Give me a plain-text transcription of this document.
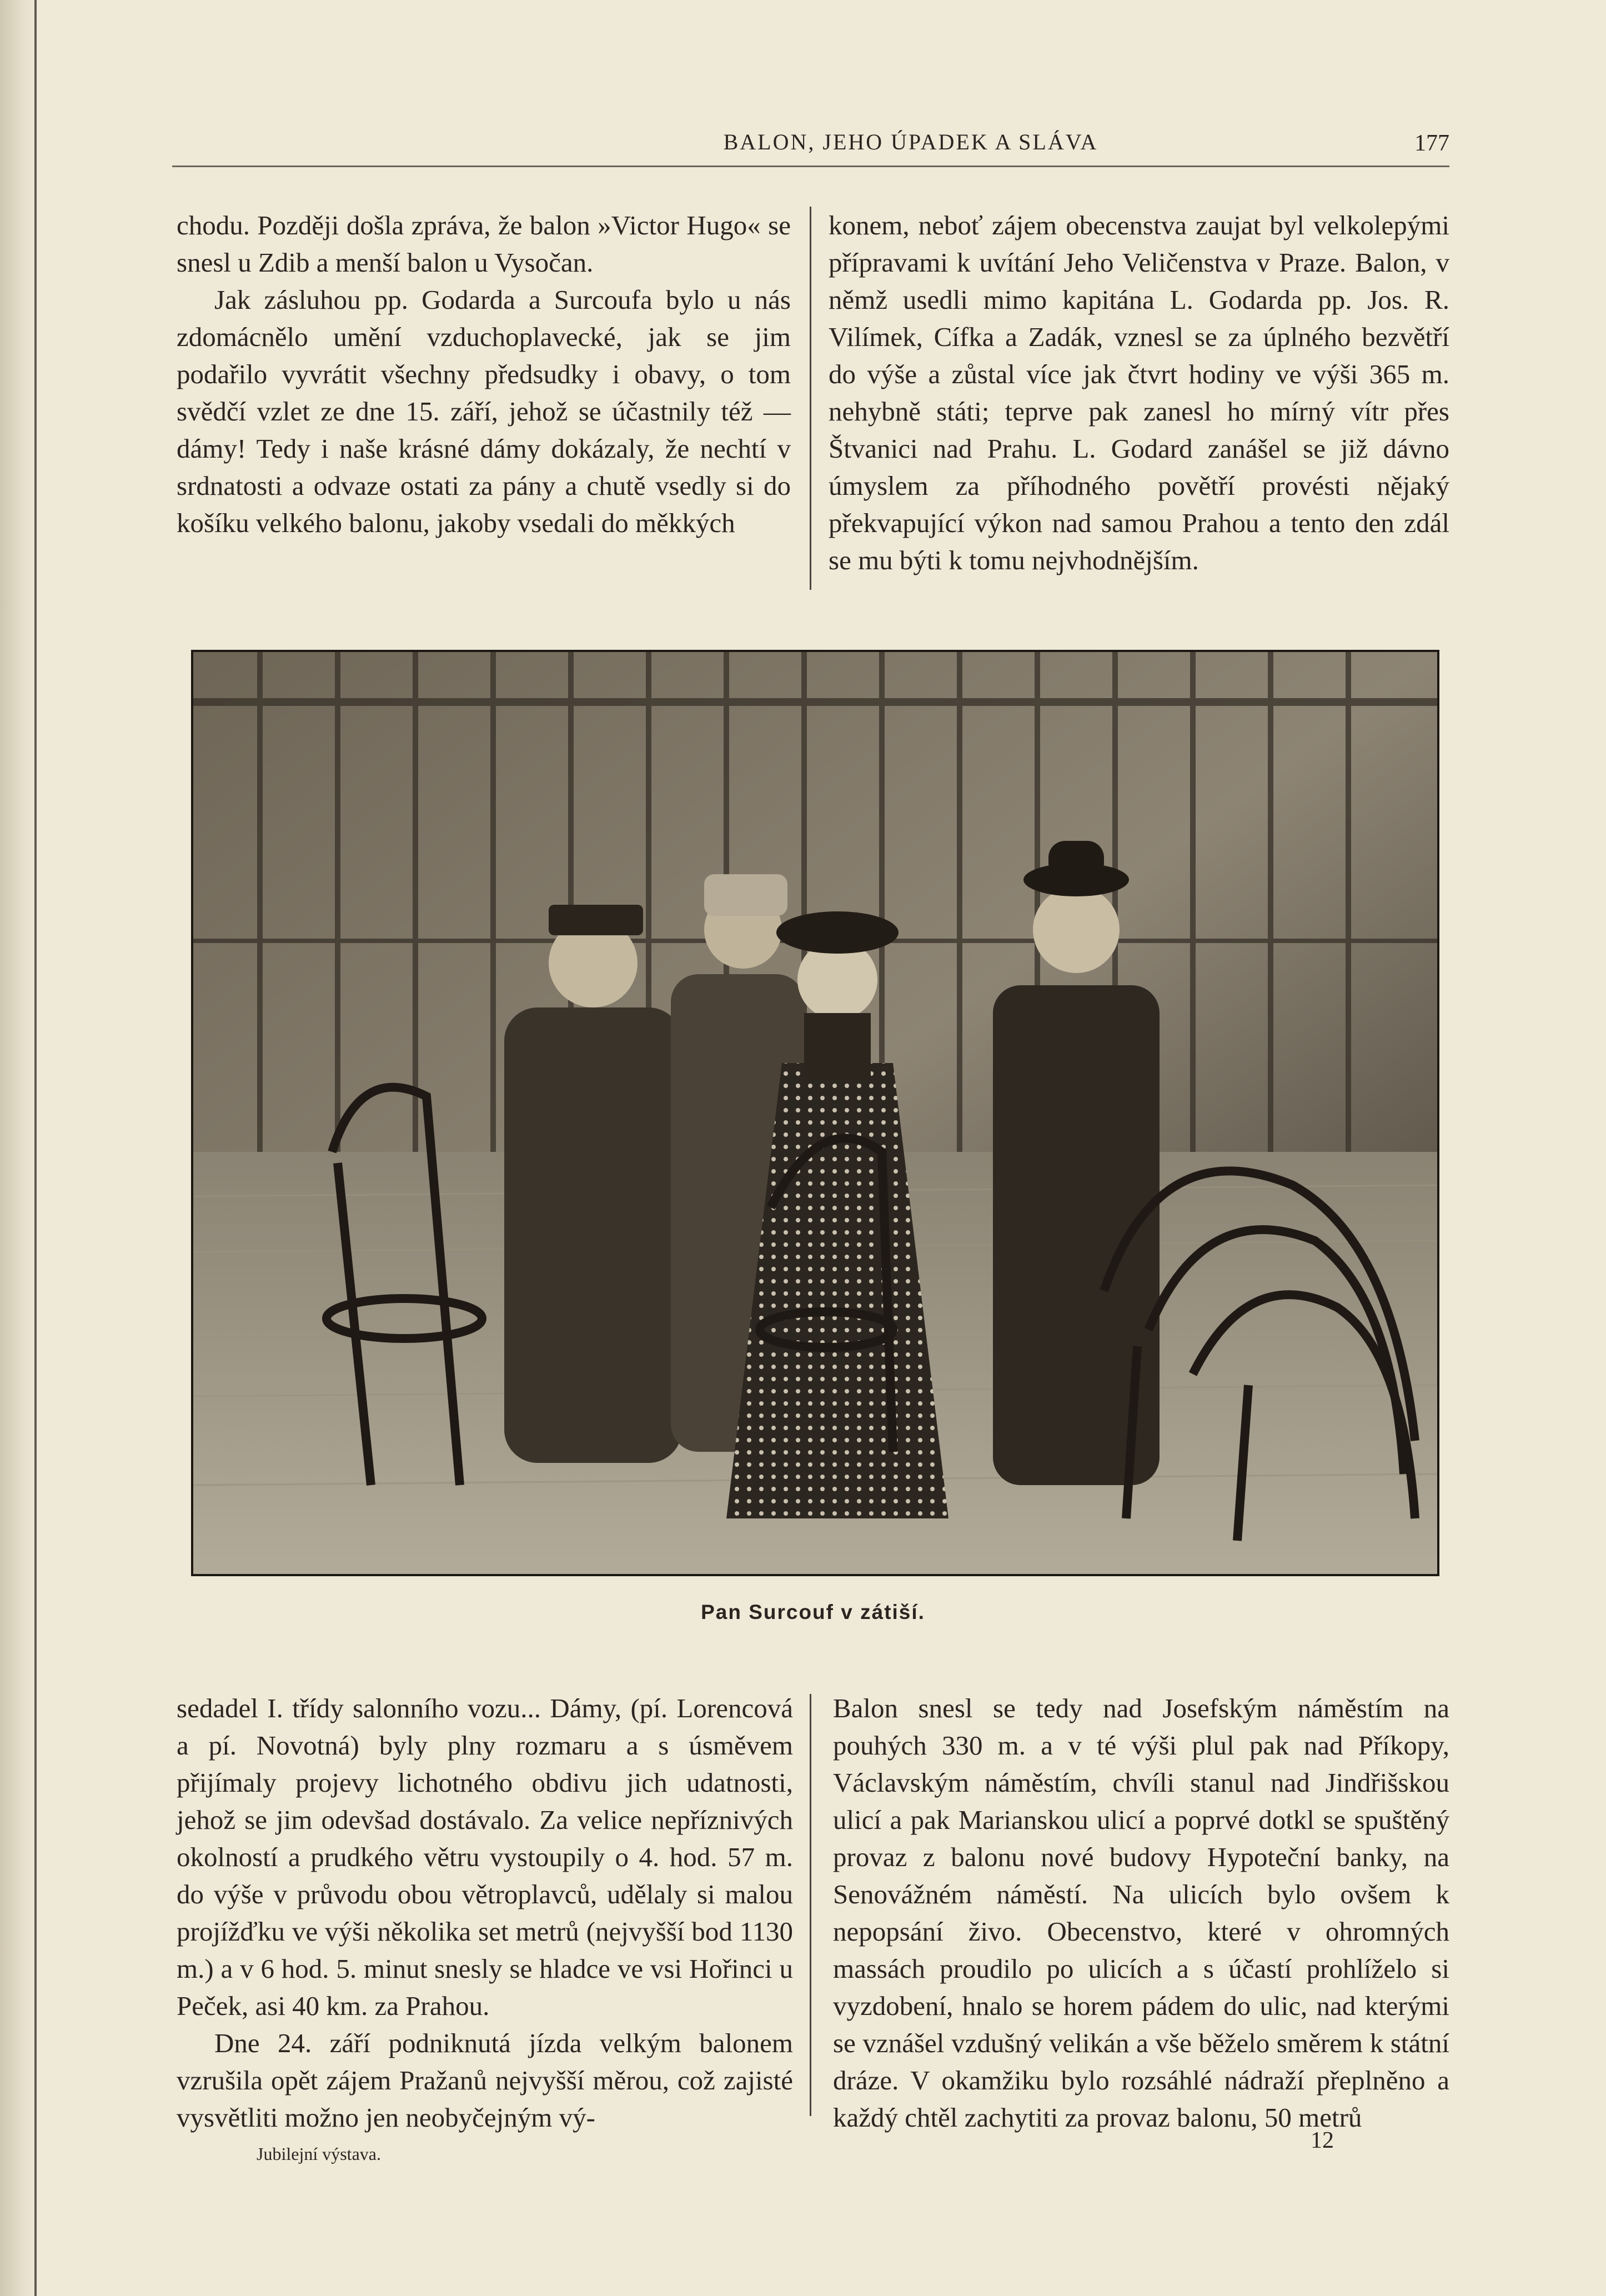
BALON, JEHO ÚPADEK A SLÁVA	177

chodu. Později došla zpráva, že balon »Victor Hugo« se snesl u Zdib a menší balon u Vysočan.

Jak zásluhou pp. Godarda a Surcoufa bylo u nás zdomácnělo umění vzduchoplavecké, jak se jim podařilo vyvrátit všechny předsudky i obavy, o tom svědčí vzlet ze dne 15. září, jehož se účastnily též — dámy! Tedy i naše krásné dámy dokázaly, že nechtí v srdnatosti a odvaze ostati za pány a chutě vsedly si do košíku velkého balonu, jakoby vsedali do měkkých

konem, neboť zájem obecenstva zaujat byl velkolepými přípravami k uvítání Jeho Veličenstva v Praze. Balon, v němž usedli mimo kapitána L. Godarda pp. Jos. R. Vilímek, Cífka a Zadák, vznesl se za úplného bezvětří do výše a zůstal více jak čtvrt hodiny ve výši 365 m. nehybně státi; teprve pak zanesl ho mírný vítr přes Štvanici nad Prahu. L. Godard zanášel se již dávno úmyslem za příhodného povětří provésti nějaký překvapující výkon nad samou Prahou a tento den zdál se mu býti k tomu nejvhodnějším.

Pan Surcouf v zátiší.

sedadel I. třídy salonního vozu... Dámy, (pí. Lorencová a pí. Novotná) byly plny rozmaru a s úsměvem přijímaly projevy lichotného obdivu jich udatnosti, jehož se jim odevšad dostávalo. Za velice nepříznivých okolností a prudkého větru vystoupily o 4. hod. 57 m. do výše v průvodu obou větroplavců, udělaly si malou projížďku ve výši několika set metrů (nejvyšší bod 1130 m.) a v 6 hod. 5. minut snesly se hladce ve vsi Hořinci u Peček, asi 40 km. za Prahou.

Dne 24. září podniknutá jízda velkým balonem vzrušila opět zájem Pražanů nejvyšší měrou, což zajisté vysvětliti možno jen neobyčejným vý-

Balon snesl se tedy nad Josefským náměstím na pouhých 330 m. a v té výši plul pak nad Příkopy, Václavským náměstím, chvíli stanul nad Jindřišskou ulicí a pak Marianskou ulicí a poprvé dotkl se spuštěný provaz z balonu nové budovy Hypoteční banky, na Senovážném náměstí. Na ulicích bylo ovšem k nepopsání živo. Obecenstvo, které v ohromných massách proudilo po ulicích a s účastí prohlíželo si vyzdobení, hnalo se horem pádem do ulic, nad kterými se vznášel vzdušný velikán a vše běželo směrem k státní dráze. V okamžiku bylo rozsáhlé nádraží přeplněno a každý chtěl zachytiti za provaz balonu, 50 metrů

Jubilejní výstava.
12
